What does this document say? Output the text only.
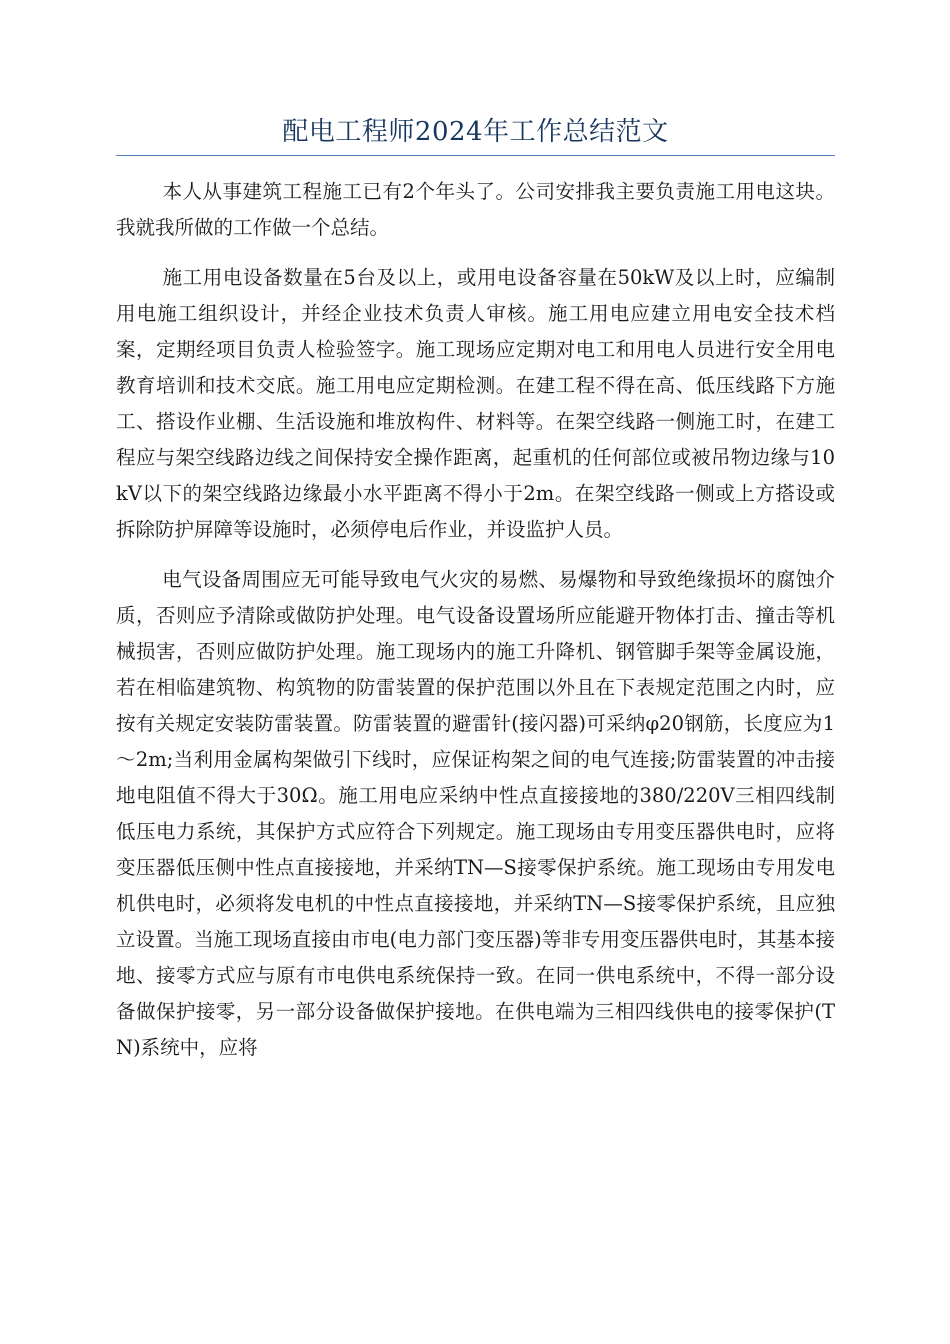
配电工程师2024年工作总结范文

本人从事建筑工程施工已有2个年头了。公司安排我主要负责施工用电这块。我就我所做的工作做一个总结。

施工用电设备数量在5台及以上，或用电设备容量在50kW及以上时，应编制用电施工组织设计，并经企业技术负责人审核。施工用电应建立用电安全技术档案，定期经项目负责人检验签字。施工现场应定期对电工和用电人员进行安全用电教育培训和技术交底。施工用电应定期检测。在建工程不得在高、低压线路下方施工、搭设作业棚、生活设施和堆放构件、材料等。在架空线路一侧施工时，在建工程应与架空线路边线之间保持安全操作距离，起重机的任何部位或被吊物边缘与10kV以下的架空线路边缘最小水平距离不得小于2m。在架空线路一侧或上方搭设或拆除防护屏障等设施时，必须停电后作业，并设监护人员。

电气设备周围应无可能导致电气火灾的易燃、易爆物和导致绝缘损坏的腐蚀介质，否则应予清除或做防护处理。电气设备设置场所应能避开物体打击、撞击等机械损害，否则应做防护处理。施工现场内的施工升降机、钢管脚手架等金属设施，若在相临建筑物、构筑物的防雷装置的保护范围以外且在下表规定范围之内时，应按有关规定安装防雷装置。防雷装置的避雷针(接闪器)可采纳φ20钢筋，长度应为1～2m;当利用金属构架做引下线时，应保证构架之间的电气连接;防雷装置的冲击接地电阻值不得大于30Ω。施工用电应采纳中性点直接接地的380/220V三相四线制低压电力系统，其保护方式应符合下列规定。施工现场由专用变压器供电时，应将变压器低压侧中性点直接接地，并采纳TN—S接零保护系统。施工现场由专用发电机供电时，必须将发电机的中性点直接接地，并采纳TN—S接零保护系统，且应独立设置。当施工现场直接由市电(电力部门变压器)等非专用变压器供电时，其基本接地、接零方式应与原有市电供电系统保持一致。在同一供电系统中，不得一部分设备做保护接零，另一部分设备做保护接地。在供电端为三相四线供电的接零保护(TN)系统中，应将
